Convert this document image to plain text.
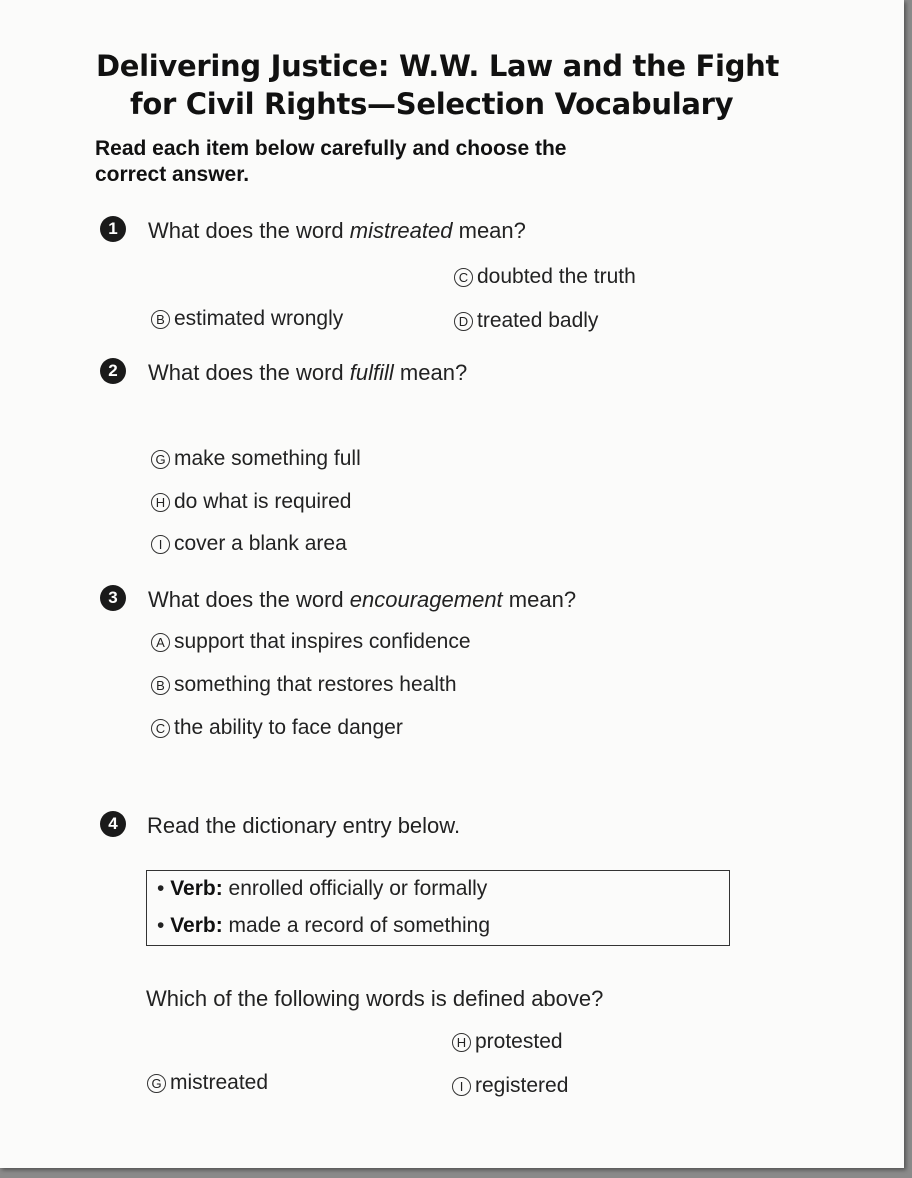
Delivering Justice: W.W. Law and the Fight
for Civil Rights—Selection Vocabulary
Read each item below carefully and choose the
correct answer.
1	What does the word mistreated mean?
C doubted the truth
B estimated wrongly	D treated badly
2	What does the word fulfill mean?
G make something full
H do what is required
I cover a blank area
3	What does the word encouragement mean?
A support that inspires confidence
B something that restores health
C the ability to face danger
4	Read the dictionary entry below.
• Verb: enrolled officially or formally
• Verb: made a record of something
Which of the following words is defined above?
H protested
G mistreated	I registered
